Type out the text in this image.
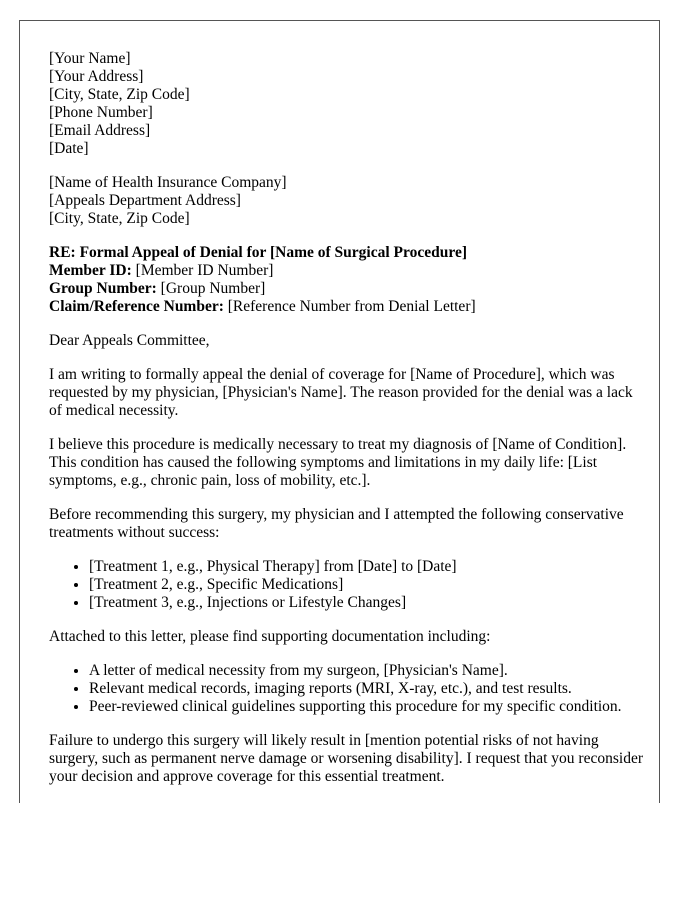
[Your Name]
[Your Address]
[City, State, Zip Code]
[Phone Number]
[Email Address]
[Date]
[Name of Health Insurance Company]
[Appeals Department Address]
[City, State, Zip Code]
RE: Formal Appeal of Denial for [Name of Surgical Procedure]
Member ID: [Member ID Number]
Group Number: [Group Number]
Claim/Reference Number: [Reference Number from Denial Letter]

Dear Appeals Committee,

I am writing to formally appeal the denial of coverage for [Name of Procedure], which was requested by my physician, [Physician's Name]. The reason provided for the denial was a lack of medical necessity.

I believe this procedure is medically necessary to treat my diagnosis of [Name of Condition]. This condition has caused the following symptoms and limitations in my daily life: [List symptoms, e.g., chronic pain, loss of mobility, etc.].

Before recommending this surgery, my physician and I attempted the following conservative treatments without success:

• [Treatment 1, e.g., Physical Therapy] from [Date] to [Date]
• [Treatment 2, e.g., Specific Medications]
• [Treatment 3, e.g., Injections or Lifestyle Changes]

Attached to this letter, please find supporting documentation including:

• A letter of medical necessity from my surgeon, [Physician's Name].
• Relevant medical records, imaging reports (MRI, X-ray, etc.), and test results.
• Peer-reviewed clinical guidelines supporting this procedure for my specific condition.

Failure to undergo this surgery will likely result in [mention potential risks of not having surgery, such as permanent nerve damage or worsening disability]. I request that you reconsider your decision and approve coverage for this essential treatment.
